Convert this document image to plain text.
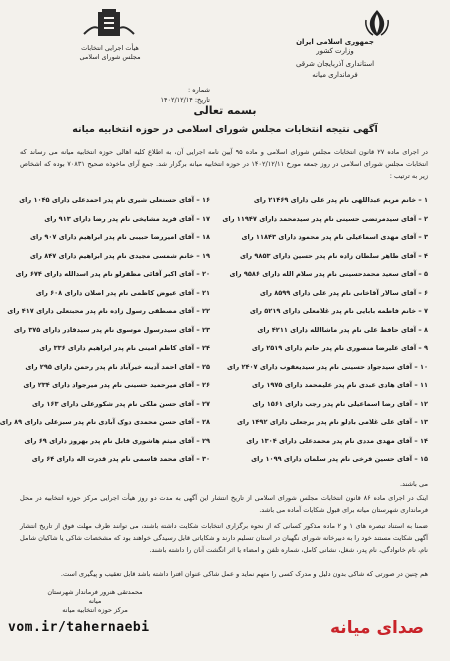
جمهوری اسلامی ایران
وزارت کشور
استانداری آذربایجان شرقی
فرمانداری میانه
هیأت اجرایی انتخابات
مجلس شورای اسلامی
شماره :
تاریخ: ۱۴۰۲/۱۲/۱۴
بسمه تعالی
آگهی نتیجه انتخابات مجلس شورای اسلامی در حوزه انتخابیه میانه
در اجرای ماده ۲۷ قانون انتخابات مجلس شورای اسلامی و ماده ۹۵ آیین نامه اجرایی آن، به اطلاع کلیه اهالی حوزه انتخابیه میانه می رساند که انتخابات مجلس شورای اسلامی در روز جمعه مورخ ۱۴۰۲/۱۲/۱۱ در حوزه انتخابیه میانه برگزار شد. جمع آرای ماخوذه صحیح ۷۰۸۳۱ بوده که اشخاص زیر به ترتیب :
۱ – خانم مریم عبداللهی نام پدر علی دارای ۲۱۴۶۹ رای
۲ – آقای سیدمرتضی حسینی نام پدر سیدمحمد دارای ۱۱۹۴۷ رای
۳ – آقای مهدی اسماعیلی نام پدر محمود دارای ۱۱۸۴۳ رای
۴ – آقای طاهر سلطان زاده نام پدر حسین دارای ۹۸۵۳ رای
۵ – آقای سعید محمدحسینی نام پدر سلام الله دارای ۹۵۸۶ رای
۶ – آقای سالار آقاخانی نام پدر علی دارای ۸۵۹۹ رای
۷ – خانم فاطمه بابایی نام پدر غلامعلی دارای ۵۲۱۹ رای
۸ – آقای حافظ علی نام پدر ماشاالله دارای ۴۲۱۱ رای
۹ – آقای علیرضا منصوری نام پدر حاتم دارای ۲۵۱۹ رای
۱۰ – آقای سیدجواد حسینی نام پدر سیدیعقوب دارای ۲۴۰۷ رای
۱۱ – آقای هادی عبدی نام پدر علیمحمد دارای ۱۹۷۵ رای
۱۲ – آقای رضا اسماعیلی نام پدر رجب دارای ۱۵۶۱ رای
۱۳ – آقای علی غلامی بادلو نام پدر برجعلی دارای ۱۴۹۲ رای
۱۴ – آقای مهدی مددی نام پدر محمدعلی دارای ۱۳۰۴ رای
۱۵ – آقای حسین فرخی نام پدر سلمان دارای ۱۰۹۹ رای
۱۶ – آقای حسنعلی شیری نام پدر احمدعلی دارای ۱۰۴۵ رای
۱۷ – آقای فرید مشایخی نام پدر رضا دارای ۹۱۳ رای
۱۸ – آقای امیررضا حبیبی نام پدر ابراهیم دارای ۹۰۷ رای
۱۹ – خانم شمسی مجیدی نام پدر ابراهیم دارای ۸۴۷ رای
۲۰ – آقای اکبر آقائی مظفرلو نام پدر اسدالله دارای ۶۷۴ رای
۲۱ – آقای عیوض کاظمی نام پدر اصلان دارای ۶۰۸ رای
۲۲ – آقای مصطفی رسول زاده نام پدر محبتعلی دارای ۴۱۷ رای
۲۳ – آقای سیدرسول موسوی نام پدر سیدقادر دارای ۳۷۵ رای
۲۴ – آقای کاظم امینی نام پدر ابراهیم دارای ۳۳۶ رای
۲۵ – آقای احمد آدینه خیرآباد نام پدر رحمن دارای ۲۹۵ رای
۲۶ – آقای میرحمید حسینی نام پدر میرجواد دارای ۲۳۴ رای
۲۷ – آقای حسن ملکی نام پدر شکورعلی دارای ۱۶۳ رای
۲۸ – آقای حسن محمدی دوک آبادی نام پدر سبزعلی دارای ۸۹ رای
۲۹ – آقای میثم هاشوری قابل نام پدر بهروز دارای ۶۹ رای
۳۰ – آقای محمد قاسمی نام پدر قدرت اله دارای ۶۴ رای
می باشند.
اینک در اجرای ماده ۸۶ قانون انتخابات مجلس شورای اسلامی از تاریخ انتشار این آگهی به مدت دو روز هیأت اجرایی مرکز حوزه انتخابیه در محل فرمانداری شهرستان میانه برای قبول شکایات آماده می باشد.
ضمنا به استناد تبصره های ۱ و ۲ ماده مذکور کسانی که از نحوه برگزاری انتخابات شکایت داشته باشند، می توانند ظرف مهلت فوق از تاریخ انتشار آگهی شکایت مستند خود را به دبیرخانه شورای نگهبان در استان تسلیم دارند و شکایاتی قابل رسیدگی خواهند بود که مشخصات شاکی یا شاکیان شامل نام، نام خانوادگی، نام پدر، شغل، نشانی کامل، شماره تلفن و امضاء یا اثر انگشت آنان را داشته باشند.
هم چنین در صورتی که شاکی بدون دلیل و مدرک کسی را متهم نماید و عمل شاکی عنوان افترا داشته باشد قابل تعقیب و پیگیری است.
محمدتقی هنرور فرماندار شهرستان میانه
مرکز حوزه انتخابیه میانه
vom.ir/tahernaebi	صدای میانه
